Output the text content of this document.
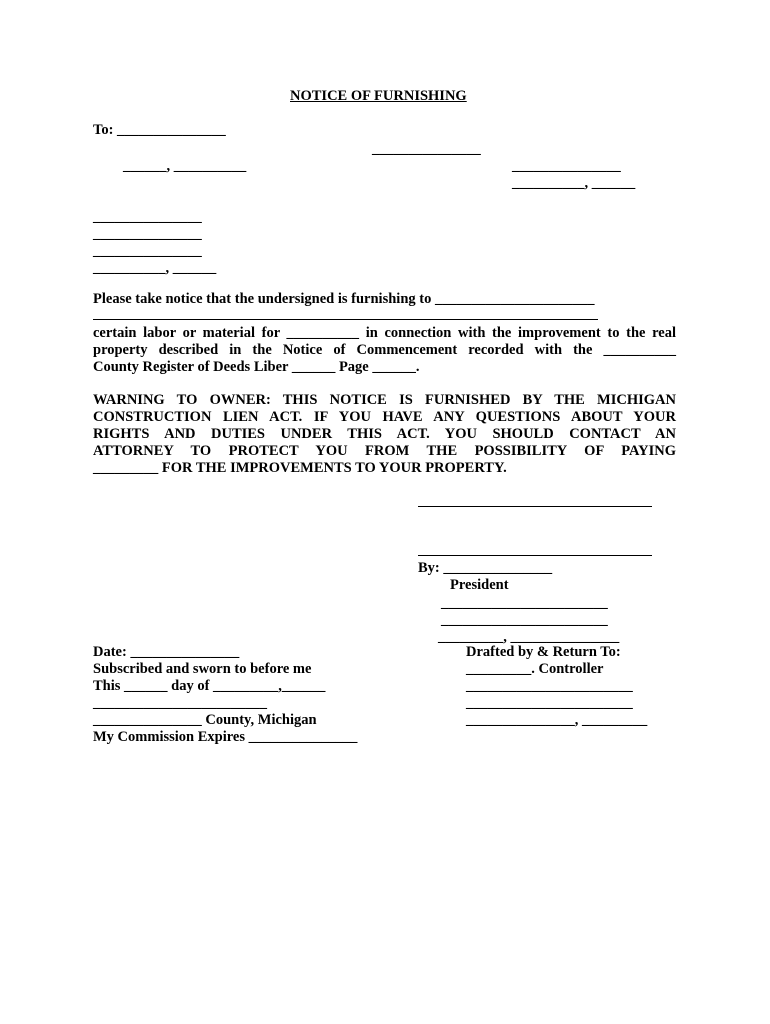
NOTICE OF FURNISHING
To: _______________
_______________
______, __________	_______________
__________, ______
_______________
_______________
_______________
__________, ______
Please take notice that the undersigned is furnishing to ______________________
certain labor or material for __________ in connection with the improvement to the real
property described in the Notice of Commencement recorded with the __________
County Register of Deeds Liber ______ Page ______.
WARNING TO OWNER: THIS NOTICE IS FURNISHED BY THE MICHIGAN
CONSTRUCTION LIEN ACT. IF YOU HAVE ANY QUESTIONS ABOUT YOUR
RIGHTS AND DUTIES UNDER THIS ACT. YOU SHOULD CONTACT AN
ATTORNEY TO PROTECT YOU FROM THE POSSIBILITY OF PAYING
_________ FOR THE IMPROVEMENTS TO YOUR PROPERTY.
By: _______________
President
_______________________
_______________________
_________, _______________
Date: _______________
Subscribed and sworn to before me
This ______ day of _________,______
________________________
_______________ County, Michigan
My Commission Expires _______________
Drafted by & Return To:
_________. Controller
_______________________
_______________________
_______________, _________
